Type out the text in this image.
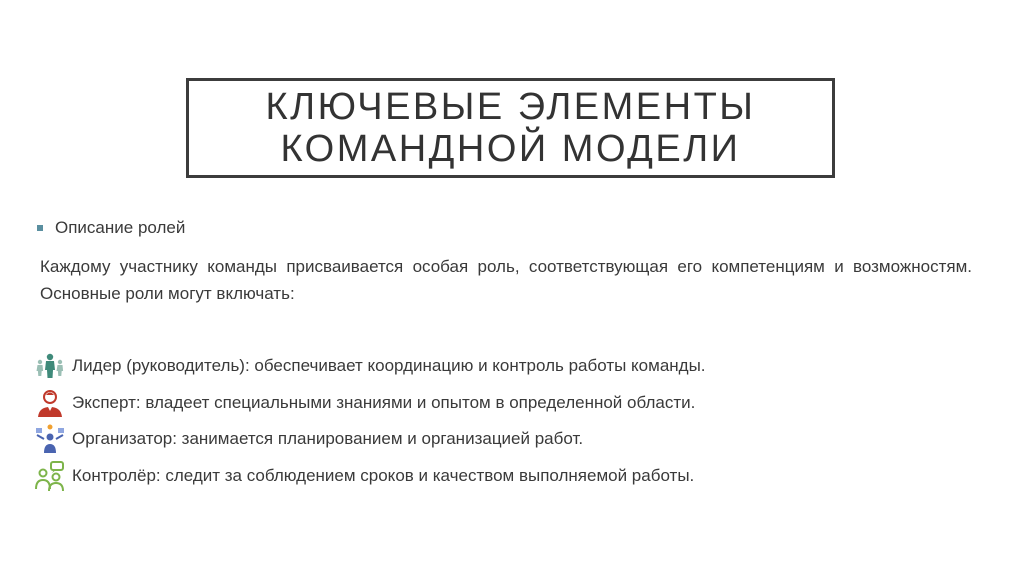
КЛЮЧЕВЫЕ ЭЛЕМЕНТЫ
КОМАНДНОЙ МОДЕЛИ
Описание ролей

Каждому участнику команды присваивается особая роль, соответствующая его компетенциям и возможностям. Основные роли могут включать:

Лидер (руководитель): обеспечивает координацию и контроль работы команды.
Эксперт: владеет специальными знаниями и опытом в определенной области.
Организатор: занимается планированием и организацией работ.
Контролёр: следит за соблюдением сроков и качеством выполняемой работы.
